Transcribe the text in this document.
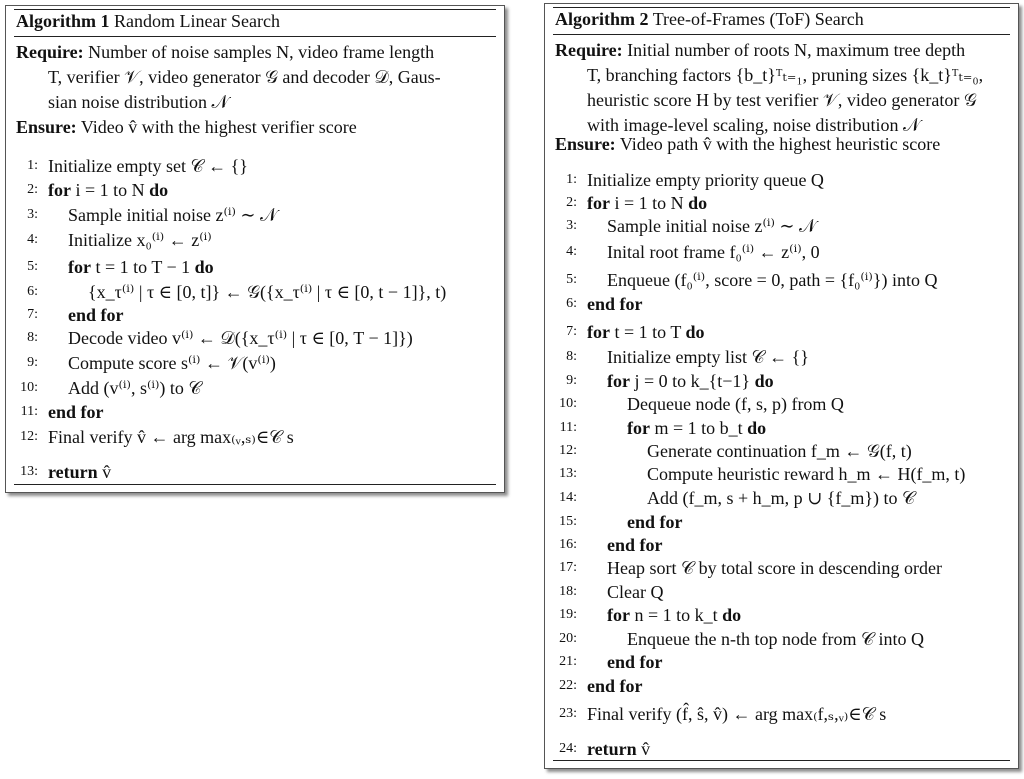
Algorithm 1 Random Linear Search
Require: Number of noise samples N, video frame length
T, verifier 𝒱, video generator 𝒢 and decoder 𝒟, Gaus-
sian noise distribution 𝒩
Ensure: Video v̂ with the highest verifier score
1: Initialize empty set 𝒞 ← {}
2: for i = 1 to N do
3: Sample initial noise z⁽ⁱ⁾ ∼ 𝒩
4: Initialize x₀⁽ⁱ⁾ ← z⁽ⁱ⁾
5: for t = 1 to T − 1 do
6:	{x_τ⁽ⁱ⁾ | τ ∈ [0, t]} ← 𝒢({x_τ⁽ⁱ⁾ | τ ∈ [0, t − 1]}, t)
7: end for
8: Decode video v⁽ⁱ⁾ ← 𝒟({x_τ⁽ⁱ⁾ | τ ∈ [0, T − 1]})
9: Compute score s⁽ⁱ⁾ ← 𝒱(v⁽ⁱ⁾)
10: Add (v⁽ⁱ⁾, s⁽ⁱ⁾) to 𝒞
11: end for
12: Final verify v̂ ← arg max₍ᵥ,ₛ₎∈𝒞 s
13: return v̂
Algorithm 2 Tree-of-Frames (ToF) Search
Require: Initial number of roots N, maximum tree depth
T, branching factors {b_t}ᵀₜ₌₁, pruning sizes {k_t}ᵀₜ₌₀,
heuristic score H by test verifier 𝒱, video generator 𝒢
with image-level scaling, noise distribution 𝒩
Ensure: Video path v̂ with the highest heuristic score
1: Initialize empty priority queue Q
2: for i = 1 to N do
3: Sample initial noise z⁽ⁱ⁾ ∼ 𝒩
4: Inital root frame f₀⁽ⁱ⁾ ← z⁽ⁱ⁾, 0
5: Enqueue (f₀⁽ⁱ⁾, score = 0, path = {f₀⁽ⁱ⁾}) into Q
6: end for
7: for t = 1 to T do
8: Initialize empty list 𝒞 ← {}
9: for j = 0 to k_{t−1} do
10:	Dequeue node (f, s, p) from Q
11:	for m = 1 to b_t do
12:	Generate continuation f_m ← 𝒢(f, t)
13:	Compute heuristic reward h_m ← H(f_m, t)
14:	Add (f_m, s + h_m, p ∪ {f_m}) to 𝒞
15:	end for
16: end for
17: Heap sort 𝒞 by total score in descending order
18: Clear Q
19: for n = 1 to k_t do
20:	Enqueue the n-th top node from 𝒞 into Q
21: end for
22: end for
23: Final verify (f̂, ŝ, v̂) ← arg max₍f,ₛ,ᵥ₎∈𝒞 s
24: return v̂
